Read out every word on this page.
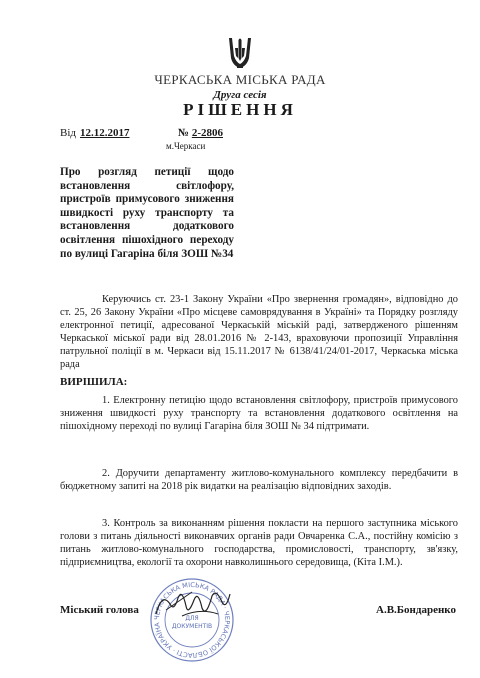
ЧЕРКАСЬКА МІСЬКА РАДА
Друга сесія
РІШЕННЯ
Від 12.12.2017	№ 2-2806
м.Черкаси
Про розгляд петиції щодо встановлення світлофору, пристроїв примусового зниження швидкості руху транспорту та встановлення додаткового освітлення пішохідного переходу по вулиці Гагаріна біля ЗОШ №34
Керуючись ст. 23-1 Закону України «Про звернення громадян», відповідно до ст. 25, 26 Закону України «Про місцеве самоврядування в Україні» та Порядку розгляду електронної петиції, адресованої Черкаській міській раді, затвердженого рішенням Черкаської міської ради від 28.01.2016 № 2-143, враховуючи пропозиції Управління патрульної поліції в м. Черкаси від 15.11.2017 № 6138/41/24/01-2017, Черкаська міська рада
ВИРІШИЛА:
1. Електронну петицію щодо встановлення світлофору, пристроїв примусового зниження швидкості руху транспорту та встановлення додаткового освітлення на пішохідному переході по вулиці Гагаріна біля ЗОШ № 34 підтримати.
2. Доручити департаменту житлово-комунального комплексу передбачити в бюджетному запиті на 2018 рік видатки на реалізацію відповідних заходів.
3. Контроль за виконанням рішення покласти на першого заступника міського голови з питань діяльності виконавчих органів ради Овчаренка С.А., постійну комісію з питань житлово-комунального господарства, промисловості, транспорту, зв'язку, підприємництва, екології та охорони навколишнього середовища, (Кіта І.М.).
ЧЕРКАСЬКА МІСЬКА РАДА · ЧЕРКАСЬКОЇ ОБЛАСТІ · УКРАЇНА
ДЛЯ
ДОКУМЕНТІВ
Міський голова	А.В.Бондаренко
